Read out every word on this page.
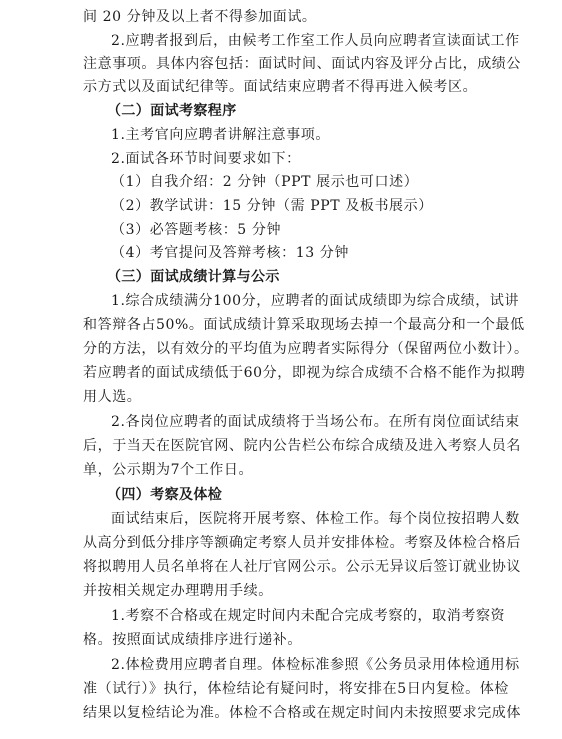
间 20 分钟及以上者不得参加面试。
2.应聘者报到后，由候考工作室工作人员向应聘者宣读面试工作
注意事项。具体内容包括：面试时间、面试内容及评分占比，成绩公
示方式以及面试纪律等。面试结束应聘者不得再进入候考区。
（二）面试考察程序
1.主考官向应聘者讲解注意事项。
2.面试各环节时间要求如下：
（1）自我介绍：2 分钟（PPT 展示也可口述）
（2）教学试讲：15 分钟（需 PPT 及板书展示）
（3）必答题考核：5 分钟
（4）考官提问及答辩考核：13 分钟
（三）面试成绩计算与公示
1.综合成绩满分100分，应聘者的面试成绩即为综合成绩，试讲
和答辩各占50%。面试成绩计算采取现场去掉一个最高分和一个最低
分的方法，以有效分的平均值为应聘者实际得分（保留两位小数计）。
若应聘者的面试成绩低于60分，即视为综合成绩不合格不能作为拟聘
用人选。
2.各岗位应聘者的面试成绩将于当场公布。在所有岗位面试结束
后，于当天在医院官网、院内公告栏公布综合成绩及进入考察人员名
单，公示期为7个工作日。
（四）考察及体检
面试结束后，医院将开展考察、体检工作。每个岗位按招聘人数
从高分到低分排序等额确定考察人员并安排体检。考察及体检合格后
将拟聘用人员名单将在人社厅官网公示。公示无异议后签订就业协议
并按相关规定办理聘用手续。
1.考察不合格或在规定时间内未配合完成考察的，取消考察资
格。按照面试成绩排序进行递补。
2.体检费用应聘者自理。体检标准参照《公务员录用体检通用标
准（试行）》执行，体检结论有疑问时，将安排在5日内复检。体检
结果以复检结论为准。体检不合格或在规定时间内未按照要求完成体
